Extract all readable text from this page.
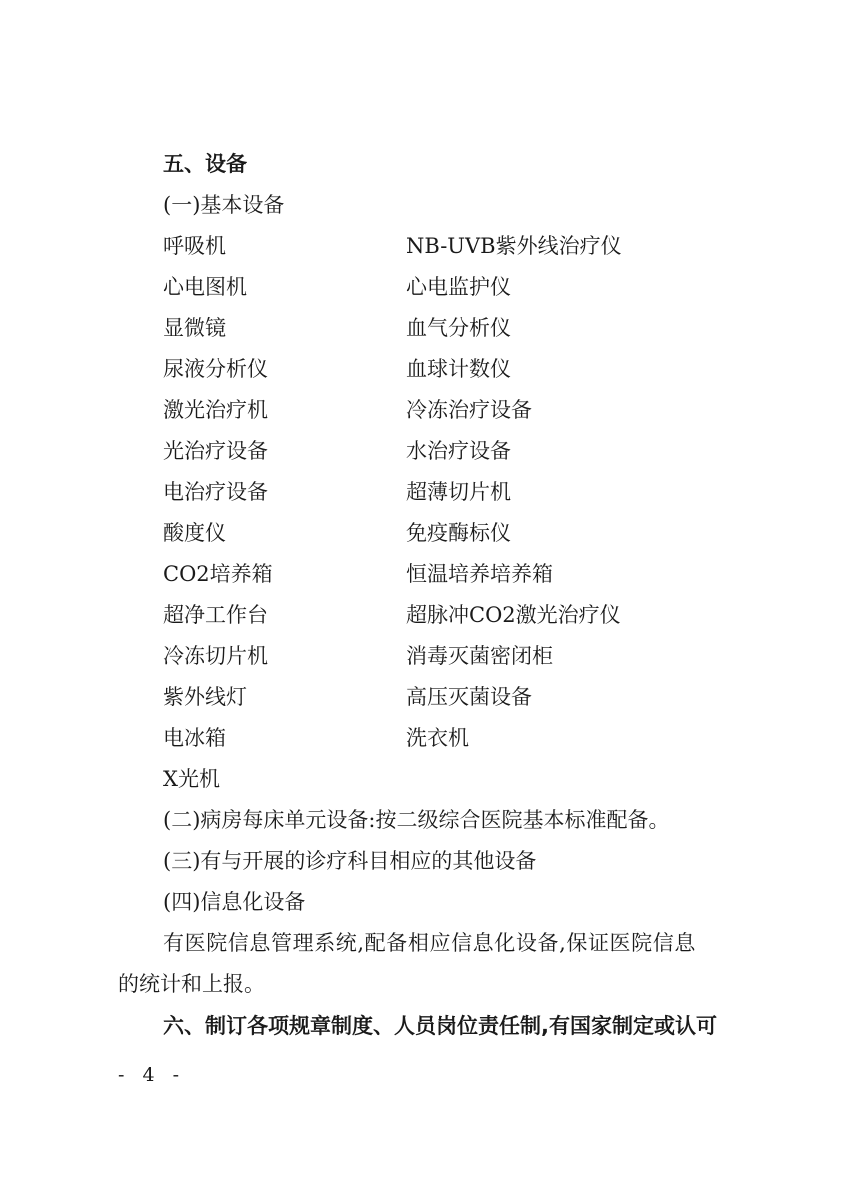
五、设备
(一)基本设备
呼吸机	NB-UVB紫外线治疗仪
心电图机	心电监护仪
显微镜	血气分析仪
尿液分析仪	血球计数仪
激光治疗机	冷冻治疗设备
光治疗设备	水治疗设备
电治疗设备	超薄切片机
酸度仪	免疫酶标仪
CO2培养箱	恒温培养培养箱
超净工作台	超脉冲CO2激光治疗仪
冷冻切片机	消毒灭菌密闭柜
紫外线灯	高压灭菌设备
电冰箱	洗衣机
X光机
(二)病房每床单元设备:按二级综合医院基本标准配备。
(三)有与开展的诊疗科目相应的其他设备
(四)信息化设备
有医院信息管理系统,配备相应信息化设备,保证医院信息
的统计和上报。
六、制订各项规章制度、人员岗位责任制,有国家制定或认可
- 4 -
